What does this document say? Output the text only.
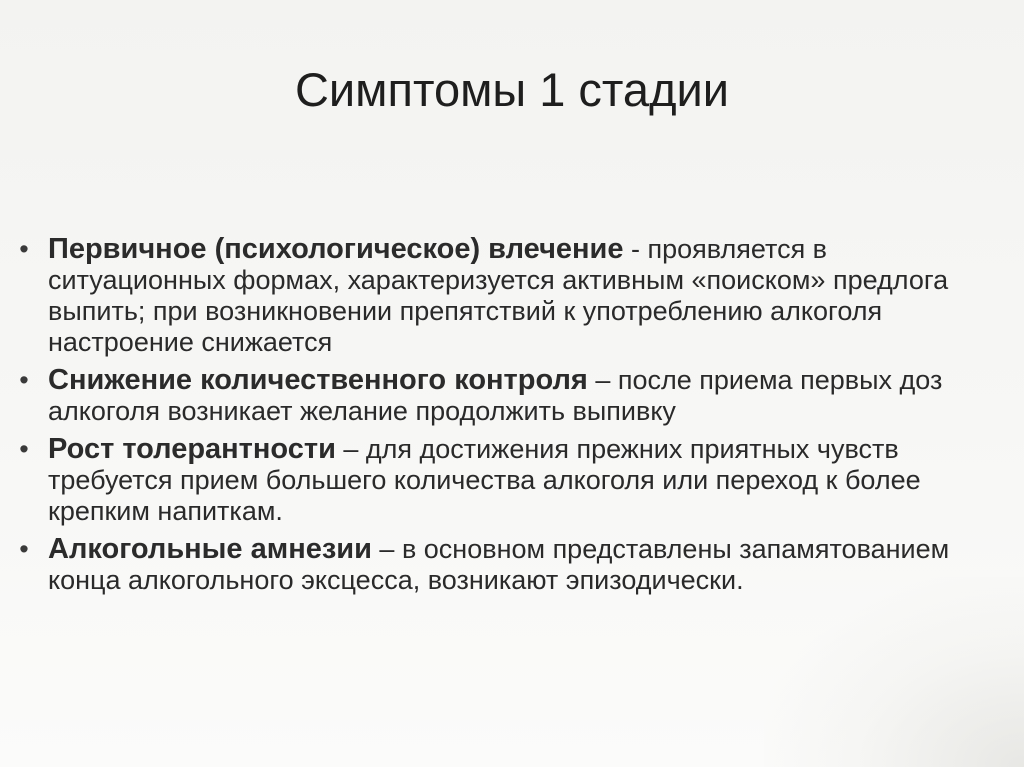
Симптомы 1 стадии
• Первичное (психологическое) влечение - проявляется в ситуационных формах, характеризуется активным «поиском» предлога выпить; при возникновении препятствий к употреблению алкоголя настроение снижается
• Снижение количественного контроля – после приема первых доз алкоголя возникает желание продолжить выпивку
• Рост толерантности – для достижения прежних приятных чувств требуется прием большего количества алкоголя или переход к более крепким напиткам.
• Алкогольные амнезии – в основном представлены запамятованием конца алкогольного эксцесса, возникают эпизодически.
